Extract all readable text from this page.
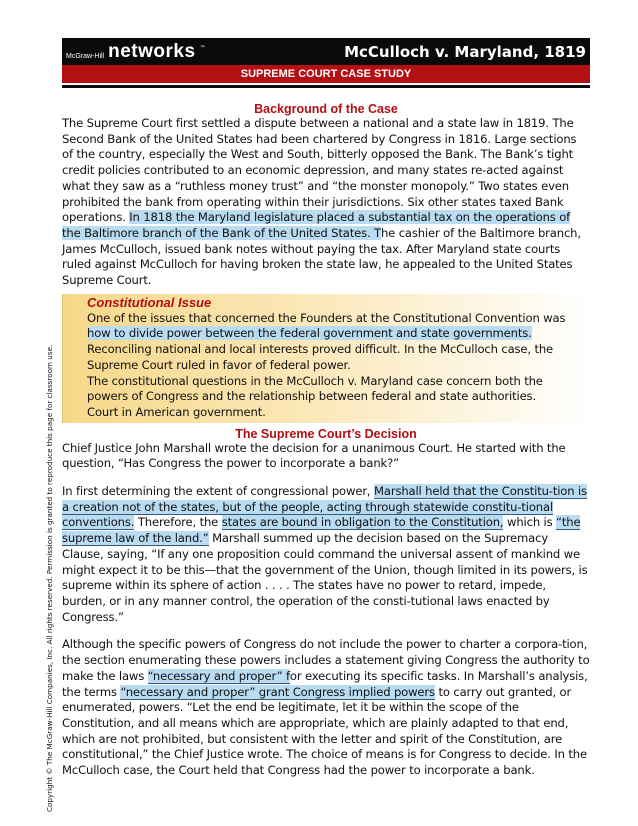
Copyright © The McGraw-Hill Companies, Inc. All rights reserved. Permission is granted to reproduce this page for classroom use.
McGraw-Hill networks ™	McCulloch v. Maryland, 1819
SUPREME COURT CASE STUDY
Background of the Case

The Supreme Court first settled a dispute between a national and a state law in 1819. The Second Bank of the United States had been chartered by Congress in 1816. Large sections of the country, especially the West and South, bitterly opposed the Bank. The Bank’s tight credit policies contributed to an economic depression, and many states re-acted against what they saw as a “ruthless money trust” and “the monster monopoly.” Two states even prohibited the bank from operating within their jurisdictions. Six other states taxed Bank operations. In 1818 the Maryland legislature placed a substantial tax on the operations of the Baltimore branch of the Bank of the United States. The cashier of the Baltimore branch, James McCulloch, issued bank notes without paying the tax. After Maryland state courts ruled against McCulloch for having broken the state law, he appealed to the United States Supreme Court.

Constitutional Issue

One of the issues that concerned the Founders at the Constitutional Convention was how to divide power between the federal government and state governments. Reconciling national and local interests proved difficult. In the McCulloch case, the Supreme Court ruled in favor of federal power.

The constitutional questions in the McCulloch v. Maryland case concern both the powers of Congress and the relationship between federal and state authorities.

Court in American government.

The Supreme Court’s Decision

Chief Justice John Marshall wrote the decision for a unanimous Court. He started with the question, “Has Congress the power to incorporate a bank?”

In first determining the extent of congressional power, Marshall held that the Constitu-tion is a creation not of the states, but of the people, acting through statewide constitu-tional conventions. Therefore, the states are bound in obligation to the Constitution, which is “the supreme law of the land.” Marshall summed up the decision based on the Supremacy Clause, saying, “If any one proposition could command the universal assent of mankind we might expect it to be this—that the government of the Union, though limited in its powers, is supreme within its sphere of action . . . . The states have no power to retard, impede, burden, or in any manner control, the operation of the consti-tutional laws enacted by Congress.”

Although the specific powers of Congress do not include the power to charter a corpora-tion, the section enumerating these powers includes a statement giving Congress the authority to make the laws “necessary and proper” for executing its specific tasks. In Marshall’s analysis, the terms “necessary and proper” grant Congress implied powers to carry out granted, or enumerated, powers. “Let the end be legitimate, let it be within the scope of the Constitution, and all means which are appropriate, which are plainly adapted to that end, which are not prohibited, but consistent with the letter and spirit of the Constitution, are constitutional,” the Chief Justice wrote. The choice of means is for Congress to decide. In the McCulloch case, the Court held that Congress had the power to incorporate a bank.
